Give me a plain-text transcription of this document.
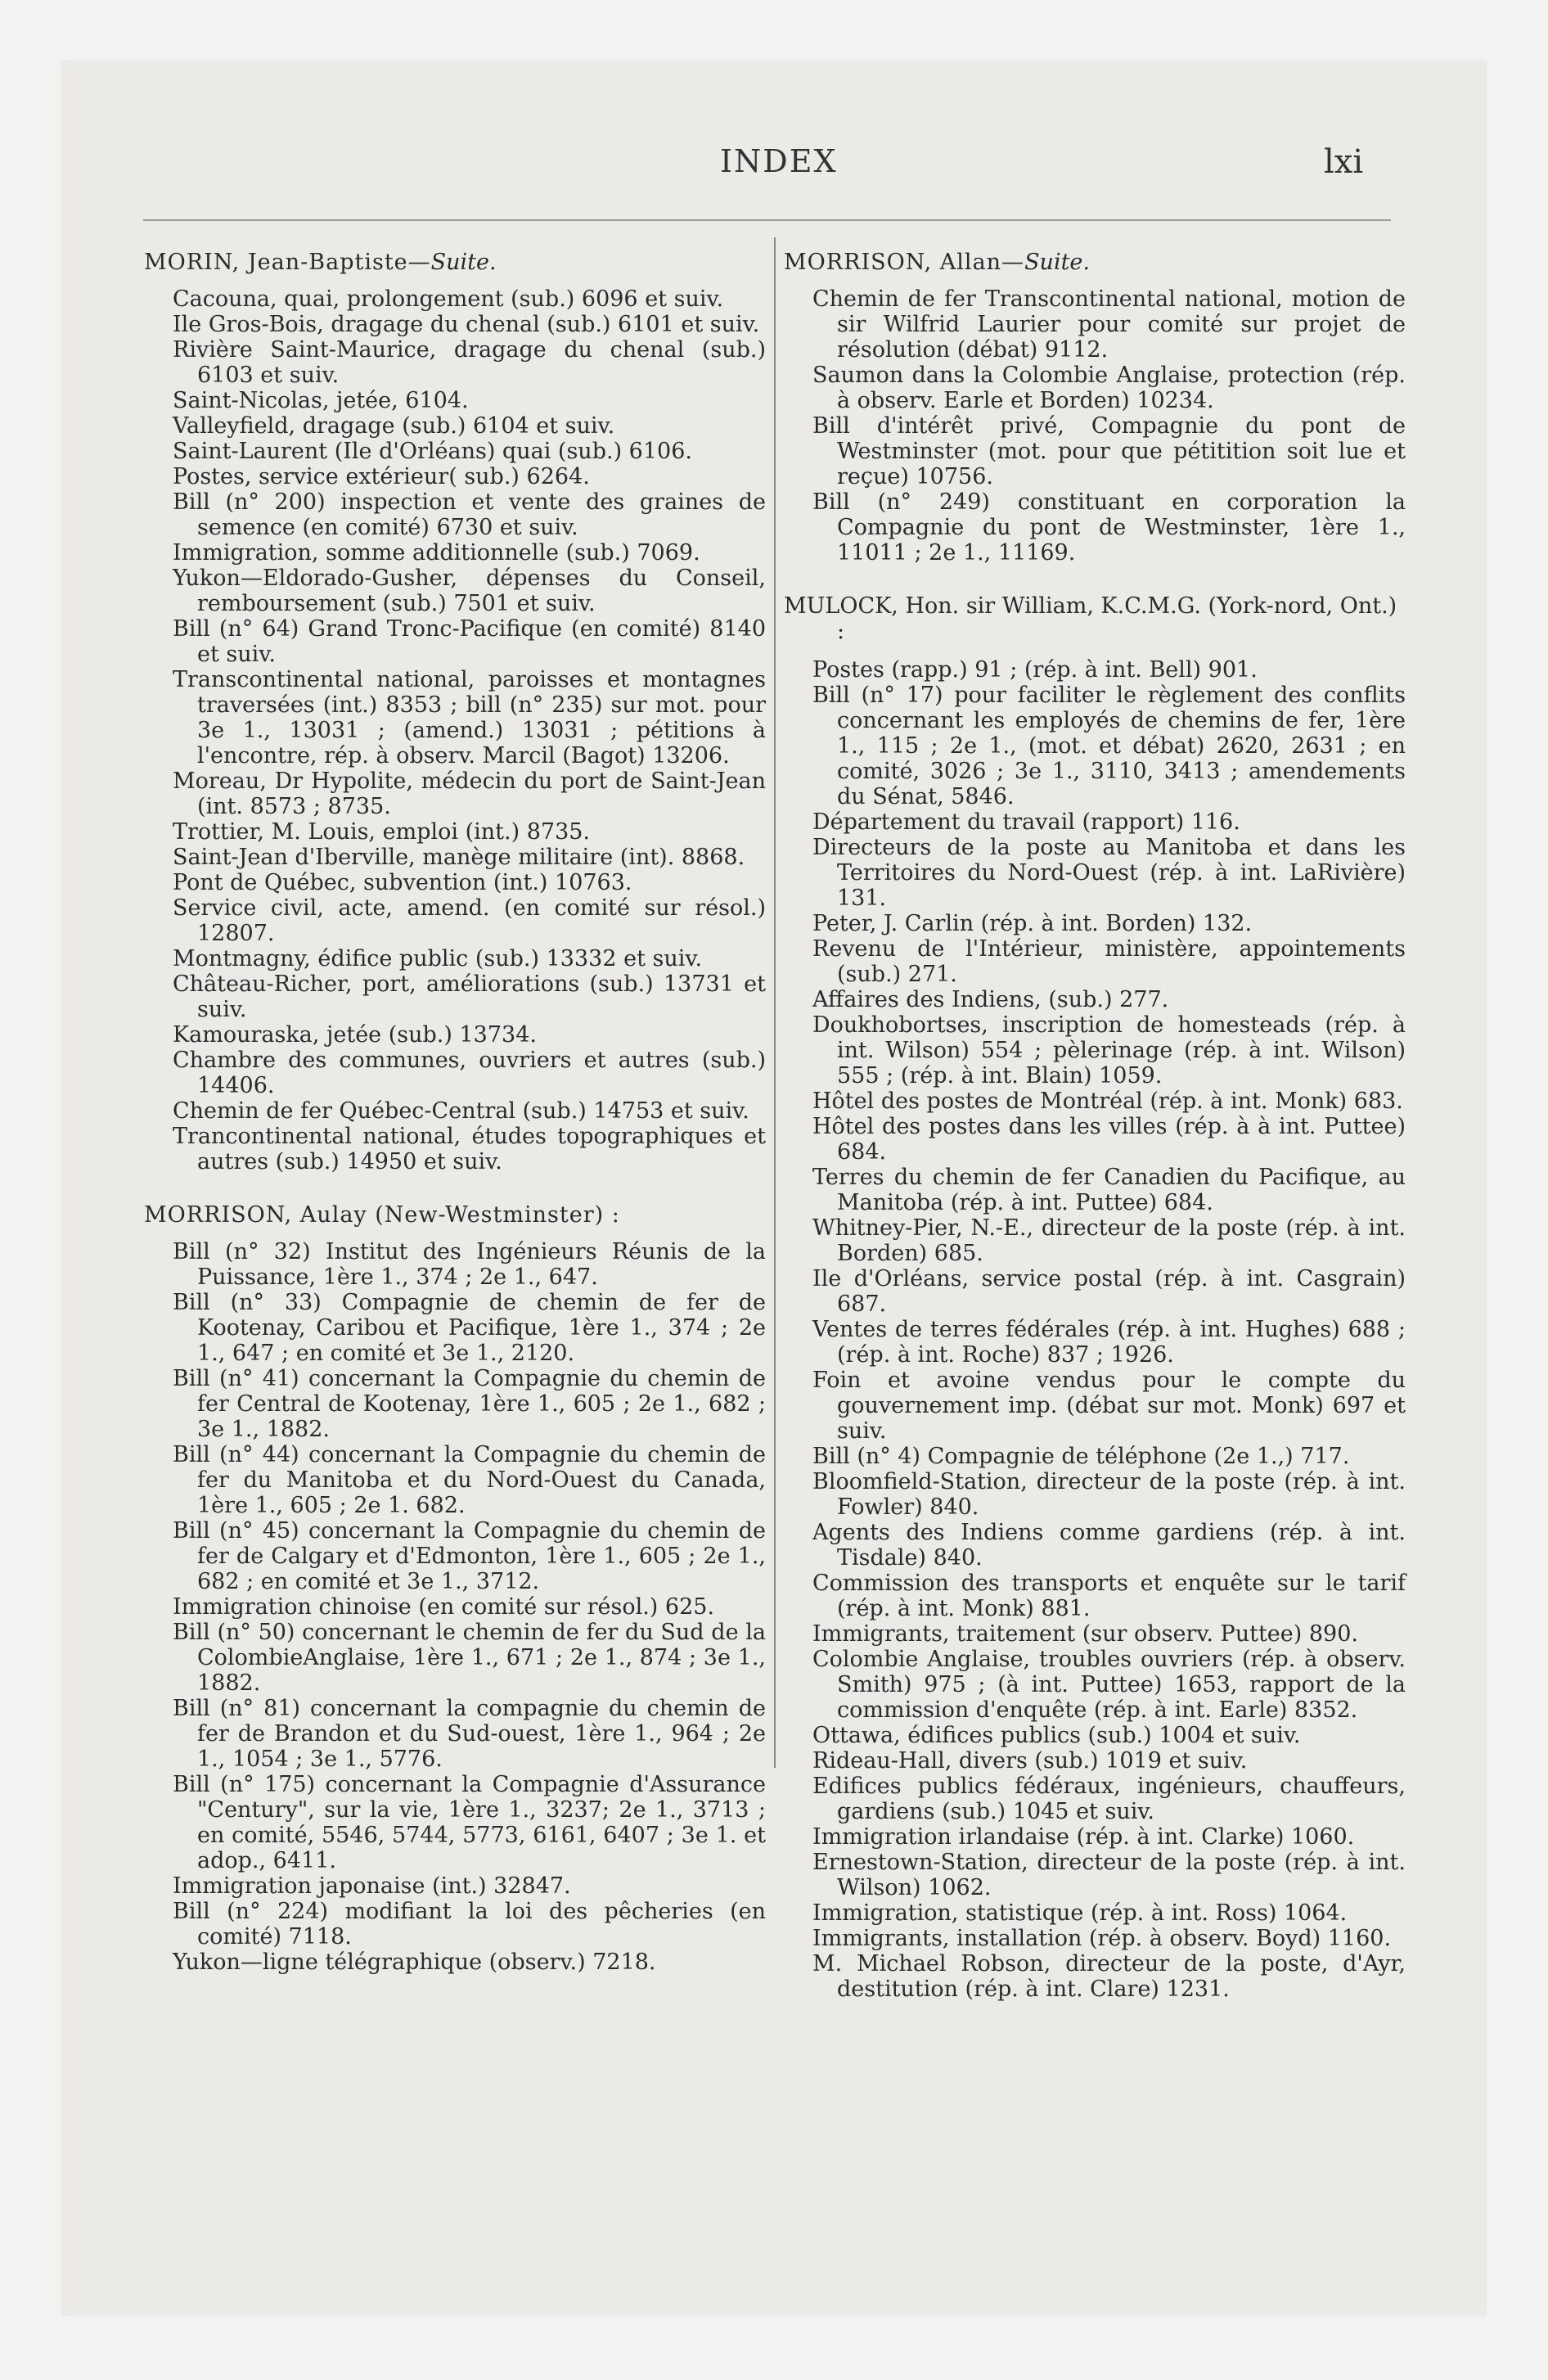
INDEX	lxi

MORIN, Jean-Baptiste—Suite.

Cacouna, quai, prolongement (sub.) 6096 et suiv.

Ile Gros-Bois, dragage du chenal (sub.) 6101 et suiv.

Rivière Saint-Maurice, dragage du chenal (sub.) 6103 et suiv.

Saint-Nicolas, jetée, 6104.

Valleyfield, dragage (sub.) 6104 et suiv.

Saint-Laurent (Ile d'Orléans) quai (sub.) 6106.

Postes, service extérieur( sub.) 6264.

Bill (n° 200) inspection et vente des graines de semence (en comité) 6730 et suiv.

Immigration, somme additionnelle (sub.) 7069.

Yukon—Eldorado-Gusher, dépenses du Conseil, remboursement (sub.) 7501 et suiv.

Bill (n° 64) Grand Tronc-Pacifique (en comité) 8140 et suiv.

Transcontinental national, paroisses et montagnes traversées (int.) 8353 ; bill (n° 235) sur mot. pour 3e 1., 13031 ; (amend.) 13031 ; pétitions à l'encontre, rép. à observ. Marcil (Bagot) 13206.

Moreau, Dr Hypolite, médecin du port de Saint-Jean (int. 8573 ; 8735.

Trottier, M. Louis, emploi (int.) 8735.

Saint-Jean d'Iberville, manège militaire (int). 8868.

Pont de Québec, subvention (int.) 10763.

Service civil, acte, amend. (en comité sur résol.) 12807.

Montmagny, édifice public (sub.) 13332 et suiv.

Château-Richer, port, améliorations (sub.) 13731 et suiv.

Kamouraska, jetée (sub.) 13734.

Chambre des communes, ouvriers et autres (sub.) 14406.

Chemin de fer Québec-Central (sub.) 14753 et suiv.

Trancontinental national, études topographiques et autres (sub.) 14950 et suiv.

MORRISON, Aulay (New-Westminster) :

Bill (n° 32) Institut des Ingénieurs Réunis de la Puissance, 1ère 1., 374 ; 2e 1., 647.

Bill (n° 33) Compagnie de chemin de fer de Kootenay, Caribou et Pacifique, 1ère 1., 374 ; 2e 1., 647 ; en comité et 3e 1., 2120.

Bill (n° 41) concernant la Compagnie du chemin de fer Central de Kootenay, 1ère 1., 605 ; 2e 1., 682 ; 3e 1., 1882.

Bill (n° 44) concernant la Compagnie du chemin de fer du Manitoba et du Nord-Ouest du Canada, 1ère 1., 605 ; 2e 1. 682.

Bill (n° 45) concernant la Compagnie du chemin de fer de Calgary et d'Edmonton, 1ère 1., 605 ; 2e 1., 682 ; en comité et 3e 1., 3712.

Immigration chinoise (en comité sur résol.) 625.

Bill (n° 50) concernant le chemin de fer du Sud de la ColombieAnglaise, 1ère 1., 671 ; 2e 1., 874 ; 3e 1., 1882.

Bill (n° 81) concernant la compagnie du chemin de fer de Brandon et du Sud-ouest, 1ère 1., 964 ; 2e 1., 1054 ; 3e 1., 5776.

Bill (n° 175) concernant la Compagnie d'Assurance "Century", sur la vie, 1ère 1., 3237; 2e 1., 3713 ; en comité, 5546, 5744, 5773, 6161, 6407 ; 3e 1. et adop., 6411.

Immigration japonaise (int.) 32847.

Bill (n° 224) modifiant la loi des pêcheries (en comité) 7118.

Yukon—ligne télégraphique (observ.) 7218.

MORRISON, Allan—Suite.

Chemin de fer Transcontinental national, motion de sir Wilfrid Laurier pour comité sur projet de résolution (débat) 9112.

Saumon dans la Colombie Anglaise, protection (rép. à observ. Earle et Borden) 10234.

Bill d'intérêt privé, Compagnie du pont de Westminster (mot. pour que pétitition soit lue et reçue) 10756.

Bill (n° 249) constituant en corporation la Compagnie du pont de Westminster, 1ère 1., 11011 ; 2e 1., 11169.

MULOCK, Hon. sir William, K.C.M.G. (York-nord, Ont.) :

Postes (rapp.) 91 ; (rép. à int. Bell) 901.

Bill (n° 17) pour faciliter le règlement des conflits concernant les employés de chemins de fer, 1ère 1., 115 ; 2e 1., (mot. et débat) 2620, 2631 ; en comité, 3026 ; 3e 1., 3110, 3413 ; amendements du Sénat, 5846.

Département du travail (rapport) 116.

Directeurs de la poste au Manitoba et dans les Territoires du Nord-Ouest (rép. à int. LaRivière) 131.

Peter, J. Carlin (rép. à int. Borden) 132.

Revenu de l'Intérieur, ministère, appointements (sub.) 271.

Affaires des Indiens, (sub.) 277.

Doukhobortses, inscription de homesteads (rép. à int. Wilson) 554 ; pèlerinage (rép. à int. Wilson) 555 ; (rép. à int. Blain) 1059.

Hôtel des postes de Montréal (rép. à int. Monk) 683.

Hôtel des postes dans les villes (rép. à à int. Puttee) 684.

Terres du chemin de fer Canadien du Pacifique, au Manitoba (rép. à int. Puttee) 684.

Whitney-Pier, N.-E., directeur de la poste (rép. à int. Borden) 685.

Ile d'Orléans, service postal (rép. à int. Casgrain) 687.

Ventes de terres fédérales (rép. à int. Hughes) 688 ; (rép. à int. Roche) 837 ; 1926.

Foin et avoine vendus pour le compte du gouvernement imp. (débat sur mot. Monk) 697 et suiv.

Bill (n° 4) Compagnie de téléphone (2e 1.,) 717.

Bloomfield-Station, directeur de la poste (rép. à int. Fowler) 840.

Agents des Indiens comme gardiens (rép. à int. Tisdale) 840.

Commission des transports et enquête sur le tarif (rép. à int. Monk) 881.

Immigrants, traitement (sur observ. Puttee) 890.

Colombie Anglaise, troubles ouvriers (rép. à observ. Smith) 975 ; (à int. Puttee) 1653, rapport de la commission d'enquête (rép. à int. Earle) 8352.

Ottawa, édifices publics (sub.) 1004 et suiv.

Rideau-Hall, divers (sub.) 1019 et suiv.

Edifices publics fédéraux, ingénieurs, chauffeurs, gardiens (sub.) 1045 et suiv.

Immigration irlandaise (rép. à int. Clarke) 1060.

Ernestown-Station, directeur de la poste (rép. à int. Wilson) 1062.

Immigration, statistique (rép. à int. Ross) 1064.

Immigrants, installation (rép. à observ. Boyd) 1160.

M. Michael Robson, directeur de la poste, d'Ayr, destitution (rép. à int. Clare) 1231.
